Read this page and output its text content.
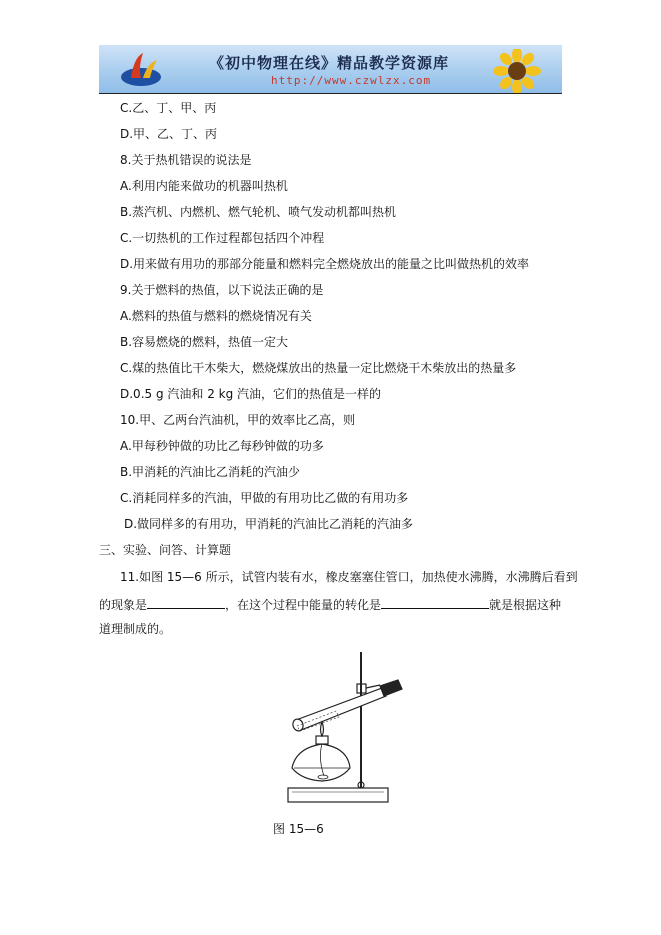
《初中物理在线》精品教学资源库
http://www.czwlzx.com
C.乙、丁、甲、丙
D.甲、乙、丁、丙
8.关于热机错误的说法是
A.利用内能来做功的机器叫热机
B.蒸汽机、内燃机、燃气轮机、喷气发动机都叫热机
C.一切热机的工作过程都包括四个冲程
D.用来做有用功的那部分能量和燃料完全燃烧放出的能量之比叫做热机的效率
9.关于燃料的热值，以下说法正确的是
A.燃料的热值与燃料的燃烧情况有关
B.容易燃烧的燃料，热值一定大
C.煤的热值比干木柴大，燃烧煤放出的热量一定比燃烧干木柴放出的热量多
D.0.5 g 汽油和 2 kg 汽油，它们的热值是一样的
10.甲、乙两台汽油机，甲的效率比乙高，则
A.甲每秒钟做的功比乙每秒钟做的功多
B.甲消耗的汽油比乙消耗的汽油少
C.消耗同样多的汽油，甲做的有用功比乙做的有用功多
D.做同样多的有用功，甲消耗的汽油比乙消耗的汽油多
三、实验、问答、计算题
11.如图 15—6 所示，试管内装有水，橡皮塞塞住管口，加热使水沸腾，水沸腾后看到
的现象是	，在这个过程中能量的转化是	就是根据这种
道理制成的。
图 15—6
